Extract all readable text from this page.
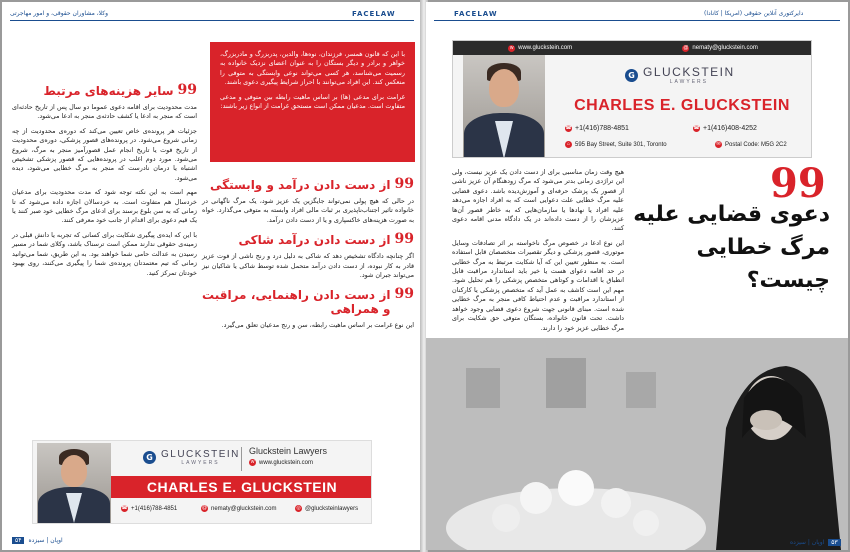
وکلا، مشاوران حقوقی، و امور مهاجرتی	FACELAW
99
از دست دادن درآمد و وابستگی

در حالی که هیچ پولی نمی‌تواند جایگزین یک عزیز شود، یک مرگ ناگهانی در خانواده تاثیر اجتناب‌ناپذیری بر ثبات مالی افراد وابسته به متوفی می‌گذارد. خواه به صورت هزینه‌های خاکسپاری و یا از دست دادن درآمد.

99
از دست دادن درآمد شاکی

اگر چنانچه دادگاه تشخیص دهد که شاکی به دلیل درد و رنج ناشی از فوت عزیز قادر به کار نبوده، از دست دادن درآمد متحمل شده توسط شاکی یا شاکیان نیز می‌تواند جبران شود.

99
از دست دادن راهنمایی، مراقبت و همراهی

این نوع غرامت بر اساس ماهیت رابطه، سن و رنج مدعیان تعلق می‌گیرد.

با این که قانون همسر، فرزندان، نوه‌ها، والدین، پدربزرگ و مادربزرگ، خواهر و برادر و دیگر بستگان را به عنوان اعضای نزدیک خانواده به رسمیت می‌شناسد، هر کسی می‌تواند نوعی وابستگی به متوفی را منعکس کند. این افراد می‌توانند با احراز شرایط پیگیری دعوی باشند.

غرامت برای مدعی (ها) بر اساس ماهیت رابطه بین متوفی و مدعی متفاوت است. مدعیان ممکن است مستحق غرامت از انواع زیر باشند:

99
سایر هزینه‌های مرتبط

مدت محدودیت برای اقامه دعوی عموما دو سال پس از تاریخ حادثه‌ای است که منجر به ادعا یا کشف حادثه‌ی منجر به ادعا می‌شود.

جزئیات هر پرونده‌ی خاص تعیین می‌کند که دوره‌ی محدودیت از چه زمانی شروع می‌شود. در پرونده‌های قصور پزشکی، دوره‌ی محدودیت از تاریخ فوت یا تاریخ انجام عمل قصورآمیز منجر به مرگ، شروع می‌شود. مورد دوم اغلب در پرونده‌هایی که قصور پزشکی تشخیص اشتباه یا درمان نادرست که منجر به مرگ خطایی می‌شود، دیده می‌شود.

مهم است به این نکته توجه شود که مدت محدودیت برای مدعیان خردسال هم متفاوت است. به خردسالان اجازه داده می‌شود که تا زمانی که به سن بلوغ برسند برای ادعای مرگ خطایی خود صبر کنند یا یک قیم دعوی برای اقدام از جانب خود معرفی کنند.

با این که ایده‌ی پیگیری شکایت برای کسانی که تجربه یا دانش قبلی در زمینه‌ی حقوقی ندارند ممکن است ترسناک باشد، وکلای شما در مسیر رسیدن به عدالت حامی شما خواهند بود. به این طریق، شما می‌توانید زمانی که تیم معتمدتان پرونده‌ی شما را پیگیری می‌کنند، روی بهبود خودتان تمرکز کنید.

G GLUCKSTEIN
LAWYERS
Gluckstein Lawyers
w www.gluckstein.com
CHARLES E. GLUCKSTEIN
☎ +1(416)788-4851	@ nematy@gluckstein.com	◎ @glucksteinlawyers
۵۴	اوپان | سیزده
FACELAW	دایرکتوری آنلاین حقوقی (امریکا | کانادا)
w www.gluckstein.com	@ nematy@gluckstein.com
G GLUCKSTEIN
LAWYERS
CHARLES E. GLUCKSTEIN
☎ +1(416)788-4851	☎ +1(416)408-4252
⌂ 595 Bay Street, Suite 301, Toronto	✉ Postal Code: M5G 2C2

هیچ وقت زمان مناسبی برای از دست دادن یک عزیز نیست، ولی این تراژدی زمانی بدتر می‌شود که مرگ زودهنگام آن عزیز ناشی از قصور یک پزشک حرفه‌ای و آموزش‌دیده باشد. دعوی قضایی علیه مرگ خطایی علت دعوایی است که به افراد اجازه می‌دهد علیه افراد یا نهادها یا سازمان‌هایی که به خاطر قصور آن‌ها عزیزشان را از دست داده‌اند در یک دادگاه مدنی اقامه دعوی کنند.

این نوع ادعا در خصوص مرگ ناخواسته بر اثر تصادفات وسایل موتوری، قصور پزشکی و دیگر تقصیرات متخصصان قابل استفاده است. به منظور تعیین این که آیا شکایت مرتبط به مرگ خطایی در حد اقامه دعوای هست یا خیر باید استاندارد مراقبت قابل انطباق با اقدامات و کوتاهی متخصص پزشکی را هم تحلیل شود. مهم این است کاشف به عمل آید که متخصص پزشکی یا کارکنان از استاندارد مراقبت و عدم احتیاط کافی منجر به مرگ خطایی شده است. مبنای قانونی جهت شروع دعوی قضایی وجود خواهد داشت. تحت قانون خانواده، بستگان متوفی حق شکایت برای مرگ خطایی عزیز خود را دارند.

99
دعوی قضایی علیه مرگ خطایی چیست؟
اوپان | سیزده	۵۳
